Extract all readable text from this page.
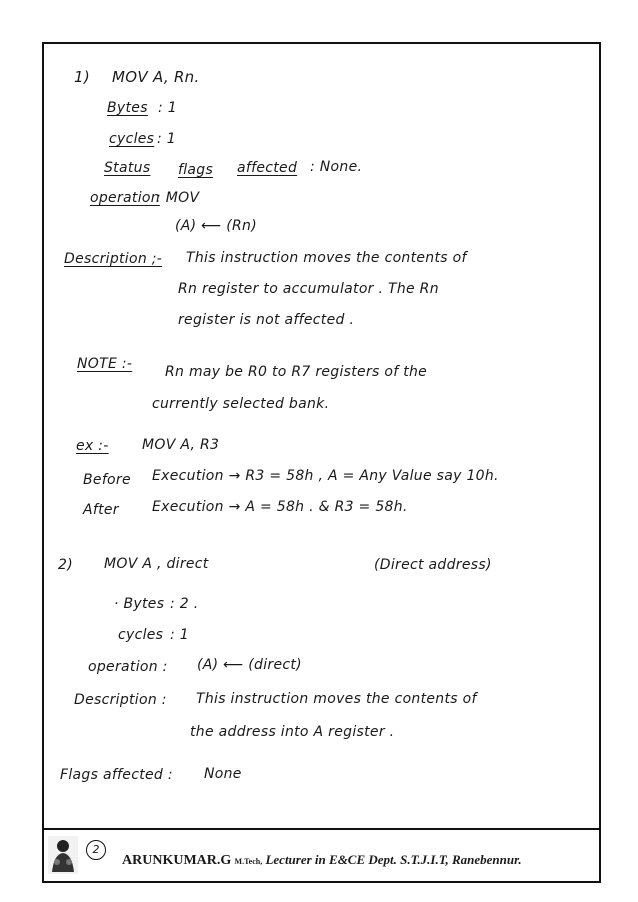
1) MOV A, Rn.
Bytes : 1
cycles : 1
Status flags affected : None.
operation
: MOV
(A) ⟵ (Rn)
Description ;- This instruction moves the contents of
Rn register to accumulator . The Rn
register is not affected .
NOTE :- Rn may be R0 to R7 registers of the
currently selected bank.
ex :- MOV A, R3
Before Execution → R3 = 58h , A = Any Value say 10h.
After Execution → A = 58h . & R3 = 58h.
2) MOV A , direct	(Direct address)
· Bytes : 2 .
cycles : 1
operation : (A) ⟵ (direct)
Description : This instruction moves the contents of
the address into A register .
Flags affected : None
2
ARUNKUMAR.G M.Tech, Lecturer in E&CE Dept. S.T.J.I.T, Ranebennur.
